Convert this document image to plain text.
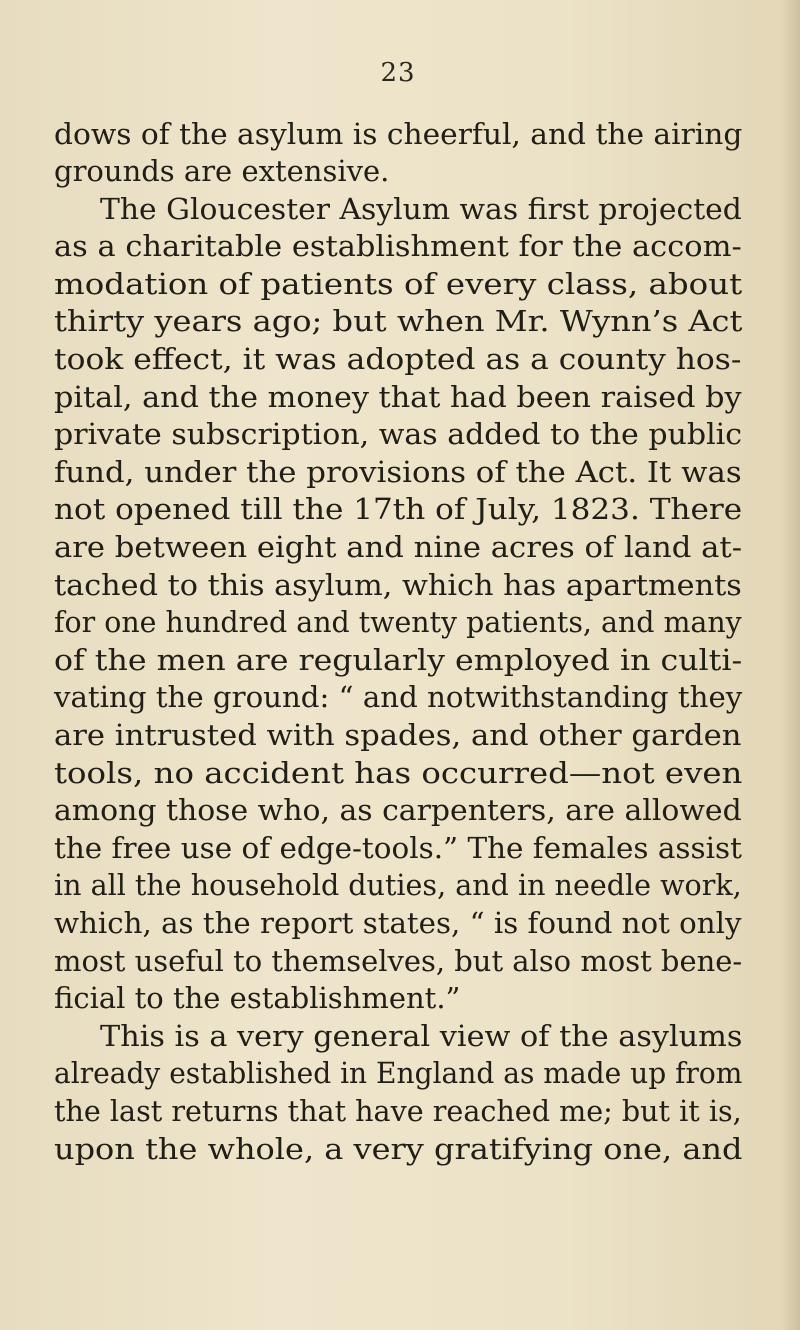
23
dows of the asylum is cheerful, and the airing
grounds are extensive.
The Gloucester Asylum was first projected
as a charitable establishment for the accom-
modation of patients of every class, about
thirty years ago; but when Mr. Wynn’s Act
took effect, it was adopted as a county hos-
pital, and the money that had been raised by
private subscription, was added to the public
fund, under the provisions of the Act. It was
not opened till the 17th of July, 1823. There
are between eight and nine acres of land at-
tached to this asylum, which has apartments
for one hundred and twenty patients, and many
of the men are regularly employed in culti-
vating the ground: “ and notwithstanding they
are intrusted with spades, and other garden
tools, no accident has occurred—not even
among those who, as carpenters, are allowed
the free use of edge-tools.” The females assist
in all the household duties, and in needle work,
which, as the report states, “ is found not only
most useful to themselves, but also most bene-
ficial to the establishment.”
This is a very general view of the asylums
already established in England as made up from
the last returns that have reached me; but it is,
upon the whole, a very gratifying one, and
